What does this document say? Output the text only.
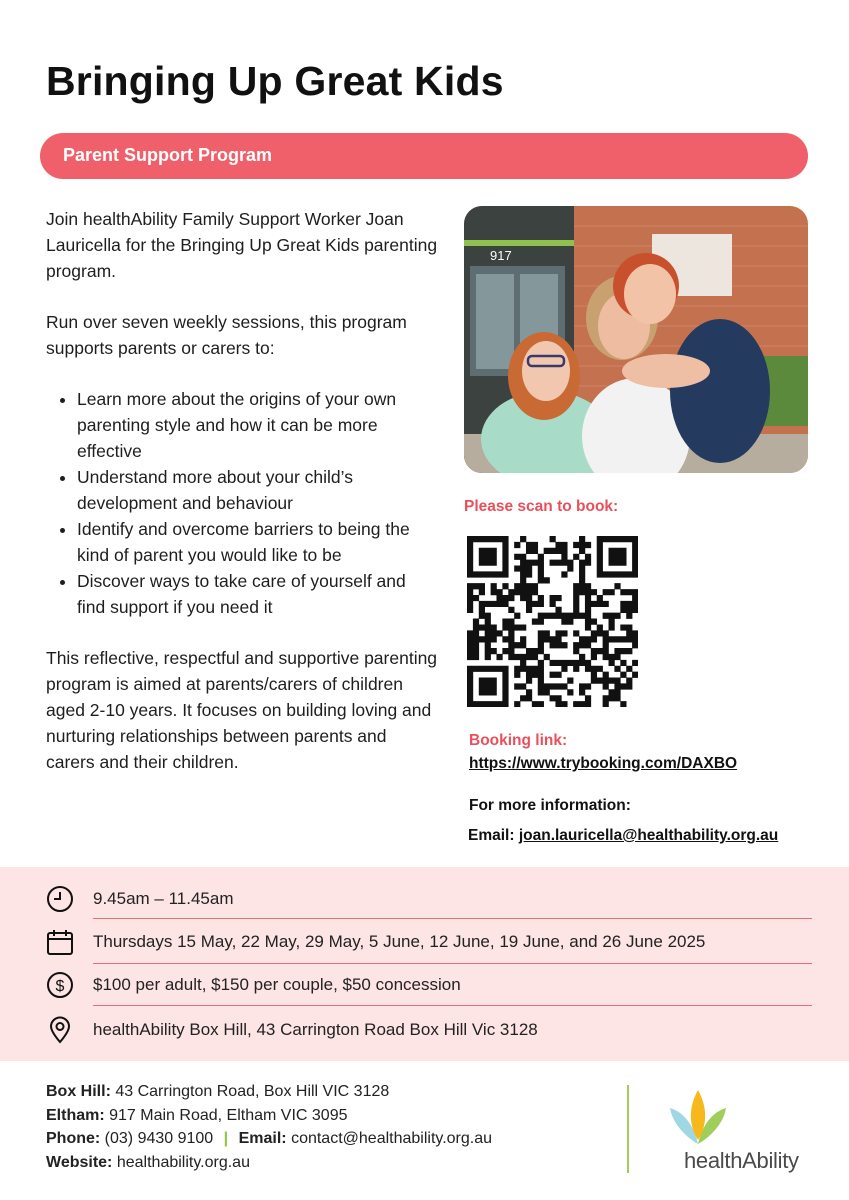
Bringing Up Great Kids
Parent Support Program

Join healthAbility Family Support Worker Joan Lauricella for the Bringing Up Great Kids parenting program.

Run over seven weekly sessions, this program supports parents or carers to:

• Learn more about the origins of your own parenting style and how it can be more effective
• Understand more about your child’s development and behaviour
• Identify and overcome barriers to being the kind of parent you would like to be
• Discover ways to take care of yourself and find support if you need it

This reflective, respectful and supportive parenting program is aimed at parents/carers of children aged 2-10 years. It focuses on building loving and nurturing relationships between parents and carers and their children.

917
Please scan to book:
Booking link:
https://www.trybooking.com/DAXBO
For more information:
Email: joan.lauricella@healthability.org.au
9.45am – 11.45am
Thursdays 15 May, 22 May, 29 May, 5 June, 12 June, 19 June, and 26 June 2025
$ $100 per adult, $150 per couple, $50 concession
healthAbility Box Hill, 43 Carrington Road Box Hill Vic 3128
Box Hill: 43 Carrington Road, Box Hill VIC 3128
Eltham: 917 Main Road, Eltham VIC 3095
Phone: (03) 9430 9100 | Email: contact@healthability.org.au
Website: healthability.org.au	healthAbility
